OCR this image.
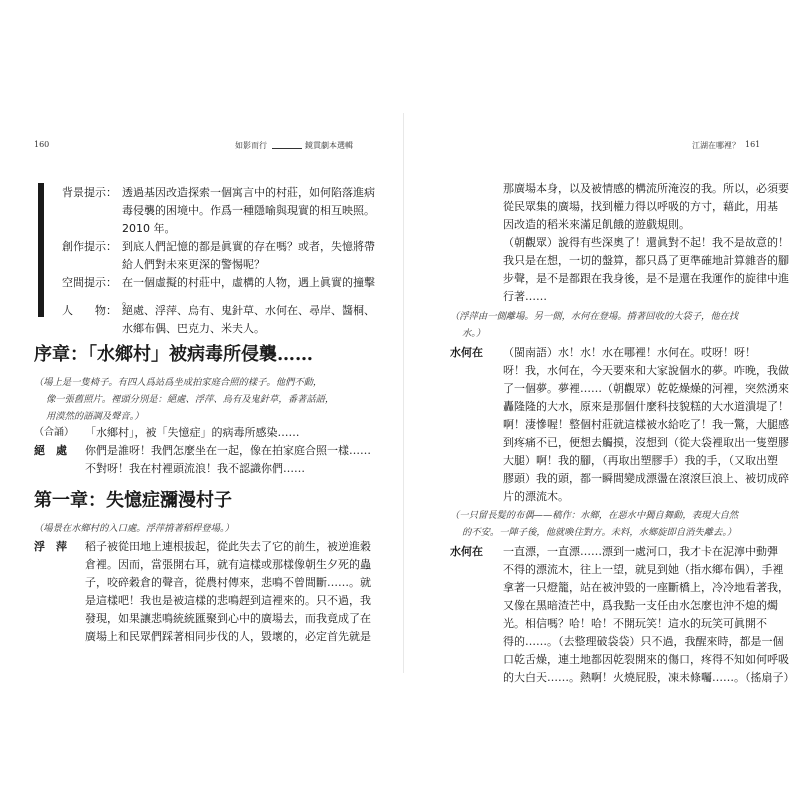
160	如影而行	鏡貫劇本選輯	江湖在哪裡？ 161
背景提示： 透過基因改造探索一個寓言中的村莊，如何陷落進病
毒侵襲的困境中。作爲一種隱喻與現實的相互映照。
2010 年。
創作提示： 到底人們記憶的都是眞實的存在嗎？或者，失憶將帶
給人們對未來更深的警惕呢？
空間提示： 在一個虛擬的村莊中，虛構的人物，遇上眞實的撞擊
。
人　　物： 絕處、浮萍、烏有、鬼針草、水何在、尋岸、醬桐、
水鄉布偶、巴克力、米夫人。
序章：「水鄉村」被病毒所侵襲……
（場上是一隻椅子。有四人爲站爲坐成拍家庭合照的樣子。他們不動，
像一張舊照片。裡頭分別是：絕處、浮萍、烏有及鬼針草，番著話語，
用漠然的語調及聲音。）
（合誦） 「水鄉村」，被「失憶症」的病毒所感染……
絕　處 你們是誰呀！我們怎麼坐在一起，像在拍家庭合照一樣……
不對呀！我在村裡頭流浪！我不認識你們……
第一章：失憶症瀰漫村子
（場景在水鄉村的入口處。浮萍揹著稻桿登場。）
浮　萍 稻子被從田地上連根拔起，從此失去了它的前生，被逆進穀
倉裡。因而，當張開右耳，就有這樣或那樣像朝生夕死的蟲
子，咬碎穀倉的聲音，從農村傳來，悲鳴不曾間斷……。就
是這樣吧！我也是被這樣的悲鳴趕到這裡來的。只不過，我
發現，如果讓悲鳴統統匯聚到心中的廣場去，而我竟成了在
廣場上和民眾們踩著相同步伐的人，毀壞的，必定首先就是
那廣場本身，以及被情感的構流所淹沒的我。所以，必須要
從民眾集的廣場，找到權力得以呼吸的方寸，藉此，用基
因改造的稻米來滿足飢餓的遊戲規則。
（朝觀眾）說得有些深奧了！還眞對不起！我不是故意的！
我只是在想，一切的盤算，都只爲了更準確地計算雜沓的腳
步聲，是不是都跟在我身後，是不是還在我運作的旋律中進
行著……
（浮萍由一側離場。另一側，水何在登場。揹著回收的大袋子，他在找
水。）
水何在 （閩南語）水！水！水在哪裡！水何在。哎呀！呀！
呀！我，水何在，今天要來和大家說個水的夢。咋晚，我做
了一個夢。夢裡……（朝觀眾）乾乾燥燥的河裡，突然湧來
轟隆隆的大水，原來是那個什麼科技貌糕的大水道潰堤了！
啊！淒慘喔！整個村莊就這樣被水給吃了！我一驚，大腿感
到疼痛不已，便想去觸摸，沒想到（從大袋裡取出一隻塑膠
大腿）啊！我的腳，（再取出塑膠手）我的手，（又取出塑
膠頭）我的頭，都一瞬間變成漂盪在滾滾巨浪上、被切成碎
片的漂流木。
（一只留長髮的布偶——稿作：水鄉，在惡水中獨自舞動，表現大自然
的不安。一陣子後，他就喚住對方。未料，水鄉旋即自消失離去。）
水何在 一直漂，一直漂……漂到一處河口，我才卡在泥濘中動彈
不得的漂流木，往上一望，就見到她（指水鄉布偶），手裡
拿著一只燈籠，站在被沖毀的一座斷橋上，冷冷地看著我，
又像在黑暗渣芒中，爲我點一支任由水怎麼也沖不熄的燭
光。相信嗎？哈！哈！不開玩笑！這水的玩笑可眞開不
得的……。（去整理破袋袋）只不過，我醒來時，都是一個
口乾舌燥，連土地都因乾裂開來的傷口，疼得不知如何呼吸
的大白天……。熱啊！火燒屁股，凍未條囑……。（搖扇子）
